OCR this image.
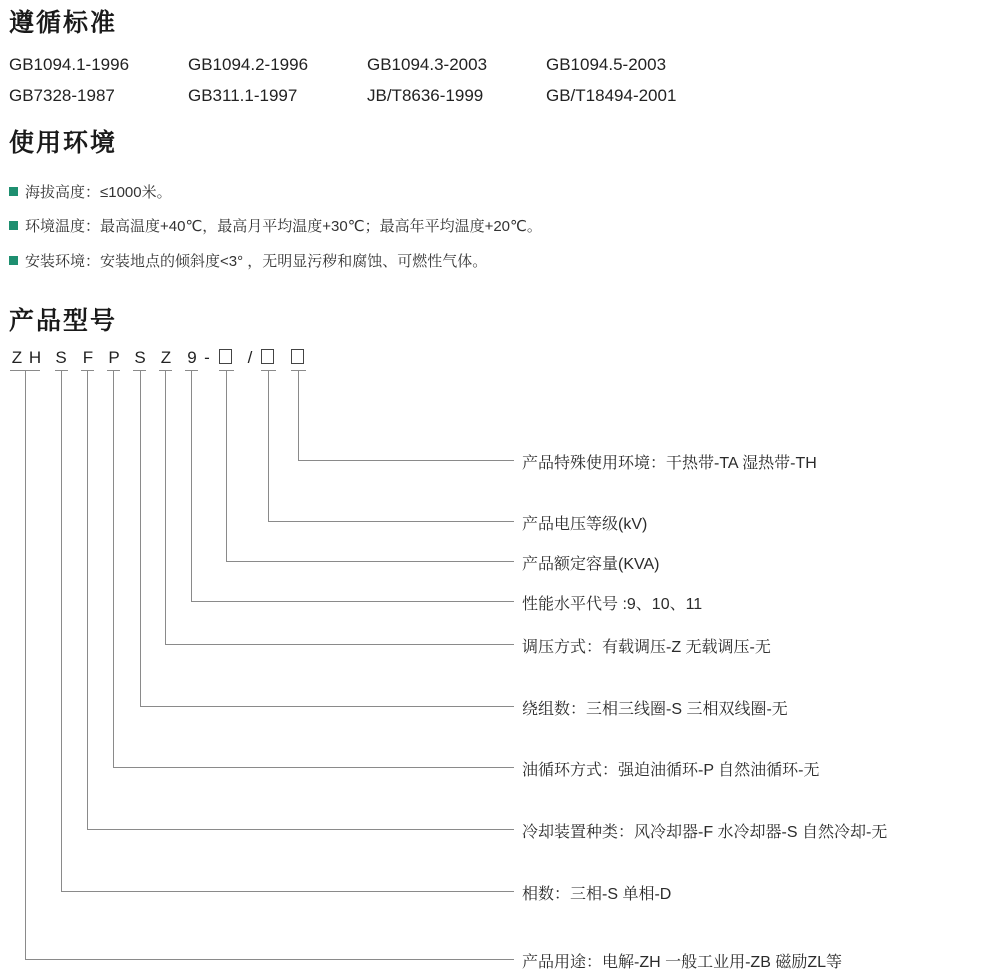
遵循标准
GB1094.1-1996	GB1094.2-1996	GB1094.3-2003	GB1094.5-2003
GB7328-1987	GB311.1-1997	JB/T8636-1999	GB/T18494-2001
使用环境
海拔高度：≤1000米。
环境温度：最高温度+40℃，最高月平均温度+30℃；最高年平均温度+20℃。
安装环境：安装地点的倾斜度<3° ，无明显污秽和腐蚀、可燃性气体。
产品型号
Z H S F P S Z 9 -	/
产品特殊使用环境：干热带-TA 湿热带-TH
产品电压等级(kV)
产品额定容量(KVA)
性能水平代号 :9、10、11
调压方式：有载调压-Z 无载调压-无
绕组数：三相三线圈-S 三相双线圈-无
油循环方式：强迫油循环-P 自然油循环-无
冷却装置种类：风冷却器-F 水冷却器-S 自然冷却-无
相数：三相-S 单相-D
产品用途：电解-ZH 一般工业用-ZB 磁励ZL等
